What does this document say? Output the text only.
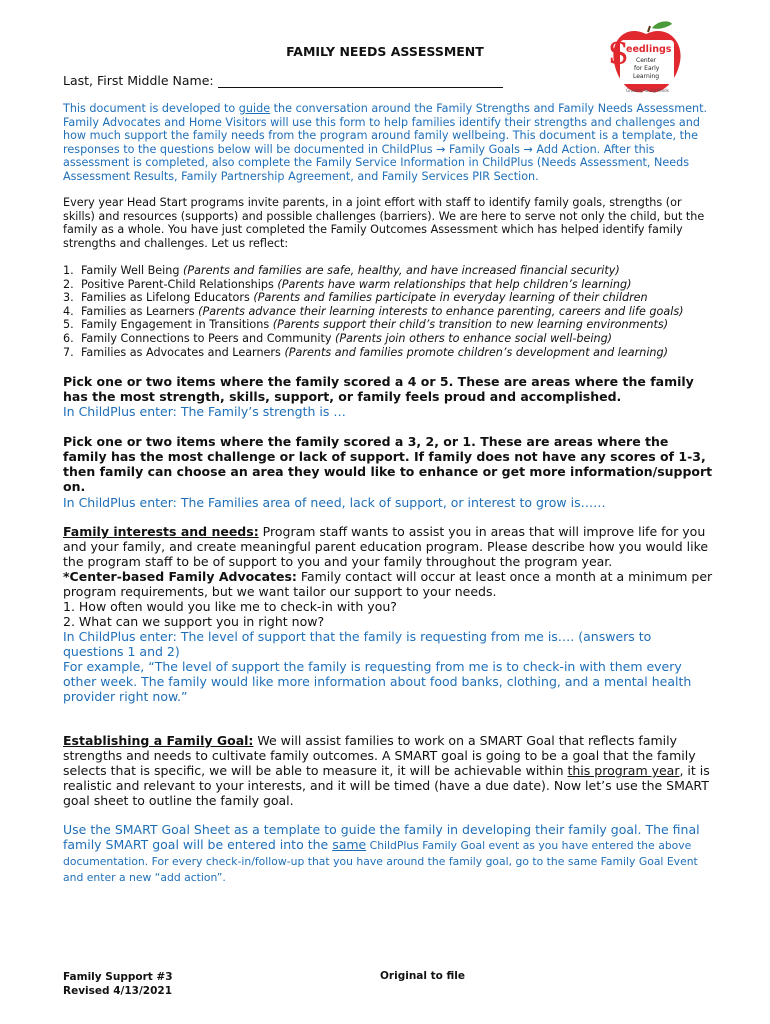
S
eedlings
Center
for Early
Learning
Growing Young Minds
FAMILY NEEDS ASSESSMENT
Last, First Middle Name:
This document is developed to guide the conversation around the Family Strengths and Family Needs Assessment. Family Advocates and Home Visitors will use this form to help families identify their strengths and challenges and how much support the family needs from the program around family wellbeing. This document is a template, the responses to the questions below will be documented in ChildPlus → Family Goals → Add Action. After this assessment is completed, also complete the Family Service Information in ChildPlus (Needs Assessment, Needs Assessment Results, Family Partnership Agreement, and Family Services PIR Section.
Every year Head Start programs invite parents, in a joint effort with staff to identify family goals, strengths (or skills) and resources (supports) and possible challenges (barriers). We are here to serve not only the child, but the family as a whole. You have just completed the Family Outcomes Assessment which has helped identify family strengths and challenges. Let us reflect:
1. Family Well Being (Parents and families are safe, healthy, and have increased financial security)
2. Positive Parent-Child Relationships (Parents have warm relationships that help children’s learning)
3. Families as Lifelong Educators (Parents and families participate in everyday learning of their children
4. Families as Learners (Parents advance their learning interests to enhance parenting, careers and life goals)
5. Family Engagement in Transitions (Parents support their child’s transition to new learning environments)
6. Family Connections to Peers and Community (Parents join others to enhance social well-being)
7. Families as Advocates and Learners (Parents and families promote children’s development and learning)
Pick one or two items where the family scored a 4 or 5. These are areas where the family has the most strength, skills, support, or family feels proud and accomplished.
In ChildPlus enter: The Family’s strength is …
Pick one or two items where the family scored a 3, 2, or 1. These are areas where the family has the most challenge or lack of support. If family does not have any scores of 1-3, then family can choose an area they would like to enhance or get more information/support on.
In ChildPlus enter: The Families area of need, lack of support, or interest to grow is……
Family interests and needs: Program staff wants to assist you in areas that will improve life for you and your family, and create meaningful parent education program. Please describe how you would like the program staff to be of support to you and your family throughout the program year.
*Center-based Family Advocates: Family contact will occur at least once a month at a minimum per program requirements, but we want tailor our support to your needs.
1. How often would you like me to check-in with you?
2. What can we support you in right now?
In ChildPlus enter: The level of support that the family is requesting from me is…. (answers to questions 1 and 2)
For example, “The level of support the family is requesting from me is to check-in with them every other week. The family would like more information about food banks, clothing, and a mental health provider right now.”
Establishing a Family Goal: We will assist families to work on a SMART Goal that reflects family strengths and needs to cultivate family outcomes. A SMART goal is going to be a goal that the family selects that is specific, we will be able to measure it, it will be achievable within this program year, it is realistic and relevant to your interests, and it will be timed (have a due date). Now let’s use the SMART goal sheet to outline the family goal.
Use the SMART Goal Sheet as a template to guide the family in developing their family goal. The final family SMART goal will be entered into the same ChildPlus Family Goal event as you have entered the above documentation. For every check-in/follow-up that you have around the family goal, go to the same Family Goal Event and enter a new “add action”.
Family Support #3
Revised 4/13/2021
Original to file
